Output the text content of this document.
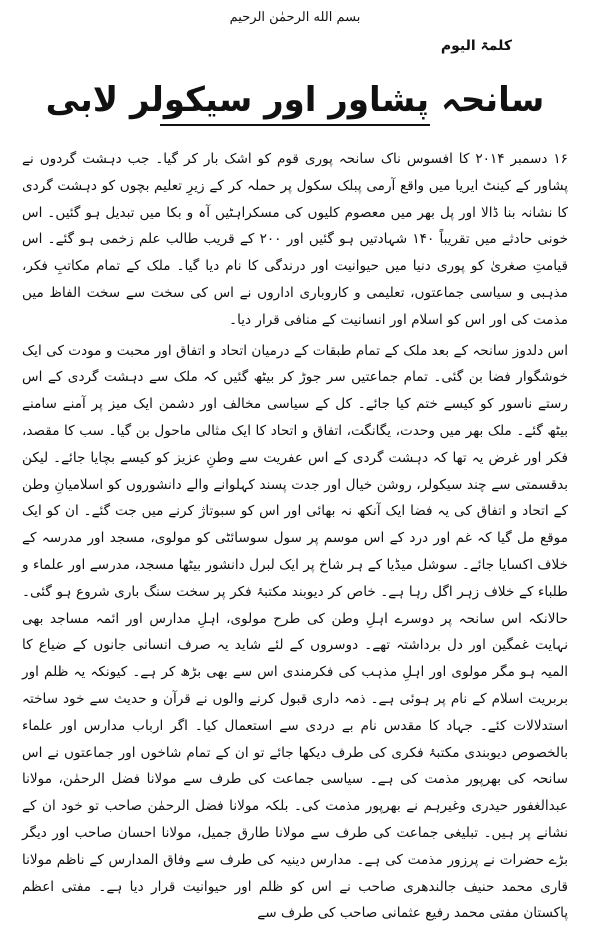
بسم الله الرحمٰن الرحیم
کلمۃ الیوم
سانحہ پشاور اور سیکولر لابی

۱۶ دسمبر ۲۰۱۴ کا افسوس ناک سانحہ پوری قوم کو اشک بار کر گیا۔ جب دہشت گردوں نے پشاور کے کینٹ ایریا میں واقع آرمی پبلک سکول پر حملہ کر کے زیرِ تعلیم بچوں کو دہشت گردی کا نشانہ بنا ڈالا اور پل بھر میں معصوم کلیوں کی مسکراہٹیں آہ و بکا میں تبدیل ہو گئیں۔ اس خونی حادثے میں تقریباً ۱۴۰ شہادتیں ہو گئیں اور ۲۰۰ کے قریب طالب علم زخمی ہو گئے۔ اس قیامتِ صغریٰ کو پوری دنیا میں حیوانیت اور درندگی کا نام دیا گیا۔ ملک کے تمام مکاتبِ فکر، مذہبی و سیاسی جماعتوں، تعلیمی و کاروباری اداروں نے اس کی سخت سے سخت الفاظ میں مذمت کی اور اس کو اسلام اور انسانیت کے منافی قرار دیا۔

اس دلدوز سانحہ کے بعد ملک کے تمام طبقات کے درمیان اتحاد و اتفاق اور محبت و مودت کی ایک خوشگوار فضا بن گئی۔ تمام جماعتیں سر جوڑ کر بیٹھ گئیں کہ ملک سے دہشت گردی کے اس رستے ناسور کو کیسے ختم کیا جائے۔ کل کے سیاسی مخالف اور دشمن ایک میز پر آمنے سامنے بیٹھ گئے۔ ملک بھر میں وحدت، یگانگت، اتفاق و اتحاد کا ایک مثالی ماحول بن گیا۔ سب کا مقصد، فکر اور غرض یہ تھا کہ دہشت گردی کے اس عفریت سے وطنِ عزیز کو کیسے بچایا جائے۔ لیکن بدقسمتی سے چند سیکولر، روشن خیال اور جدت پسند کہلوانے والے دانشوروں کو اسلامیانِ وطن کے اتحاد و اتفاق کی یہ فضا ایک آنکھ نہ بھائی اور اس کو سبوتاژ کرنے میں جت گئے۔ ان کو ایک موقع مل گیا کہ غم اور درد کے اس موسم پر سول سوسائٹی کو مولوی، مسجد اور مدرسہ کے خلاف اکسایا جائے۔ سوشل میڈیا کے ہر شاخ پر ایک لبرل دانشور بیٹھا مسجد، مدرسے اور علماء و طلباء کے خلاف زہر اگل رہا ہے۔ خاص کر دیوبند مکتبۂ فکر پر سخت سنگ باری شروع ہو گئی۔ حالانکہ اس سانحہ پر دوسرے اہلِ وطن کی طرح مولوی، اہلِ مدارس اور ائمہ مساجد بھی نہایت غمگین اور دل برداشتہ تھے۔ دوسروں کے لئے شاید یہ صرف انسانی جانوں کے ضیاع کا المیہ ہو مگر مولوی اور اہلِ مذہب کی فکرمندی اس سے بھی بڑھ کر ہے۔ کیونکہ یہ ظلم اور بربریت اسلام کے نام پر ہوئی ہے۔ ذمہ داری قبول کرنے والوں نے قرآن و حدیث سے خود ساختہ استدلالات کئے۔ جہاد کا مقدس نام بے دردی سے استعمال کیا۔ اگر ارباب مدارس اور علماء بالخصوص دیوبندی مکتبۂ فکری کی طرف دیکھا جائے تو ان کے تمام شاخوں اور جماعتوں نے اس سانحہ کی بھرپور مذمت کی ہے۔ سیاسی جماعت کی طرف سے مولانا فضل الرحمٰن، مولانا عبدالغفور حیدری وغیرہم نے بھرپور مذمت کی۔ بلکہ مولانا فضل الرحمٰن صاحب تو خود ان کے نشانے پر ہیں۔ تبلیغی جماعت کی طرف سے مولانا طارق جمیل، مولانا احسان صاحب اور دیگر بڑے حضرات نے پرزور مذمت کی ہے۔ مدارس دینیہ کی طرف سے وفاق المدارس کے ناظم مولانا قاری محمد حنیف جالندھری صاحب نے اس کو ظلم اور حیوانیت قرار دیا ہے۔ مفتی اعظم پاکستان مفتی محمد رفیع عثمانی صاحب کی طرف سے
